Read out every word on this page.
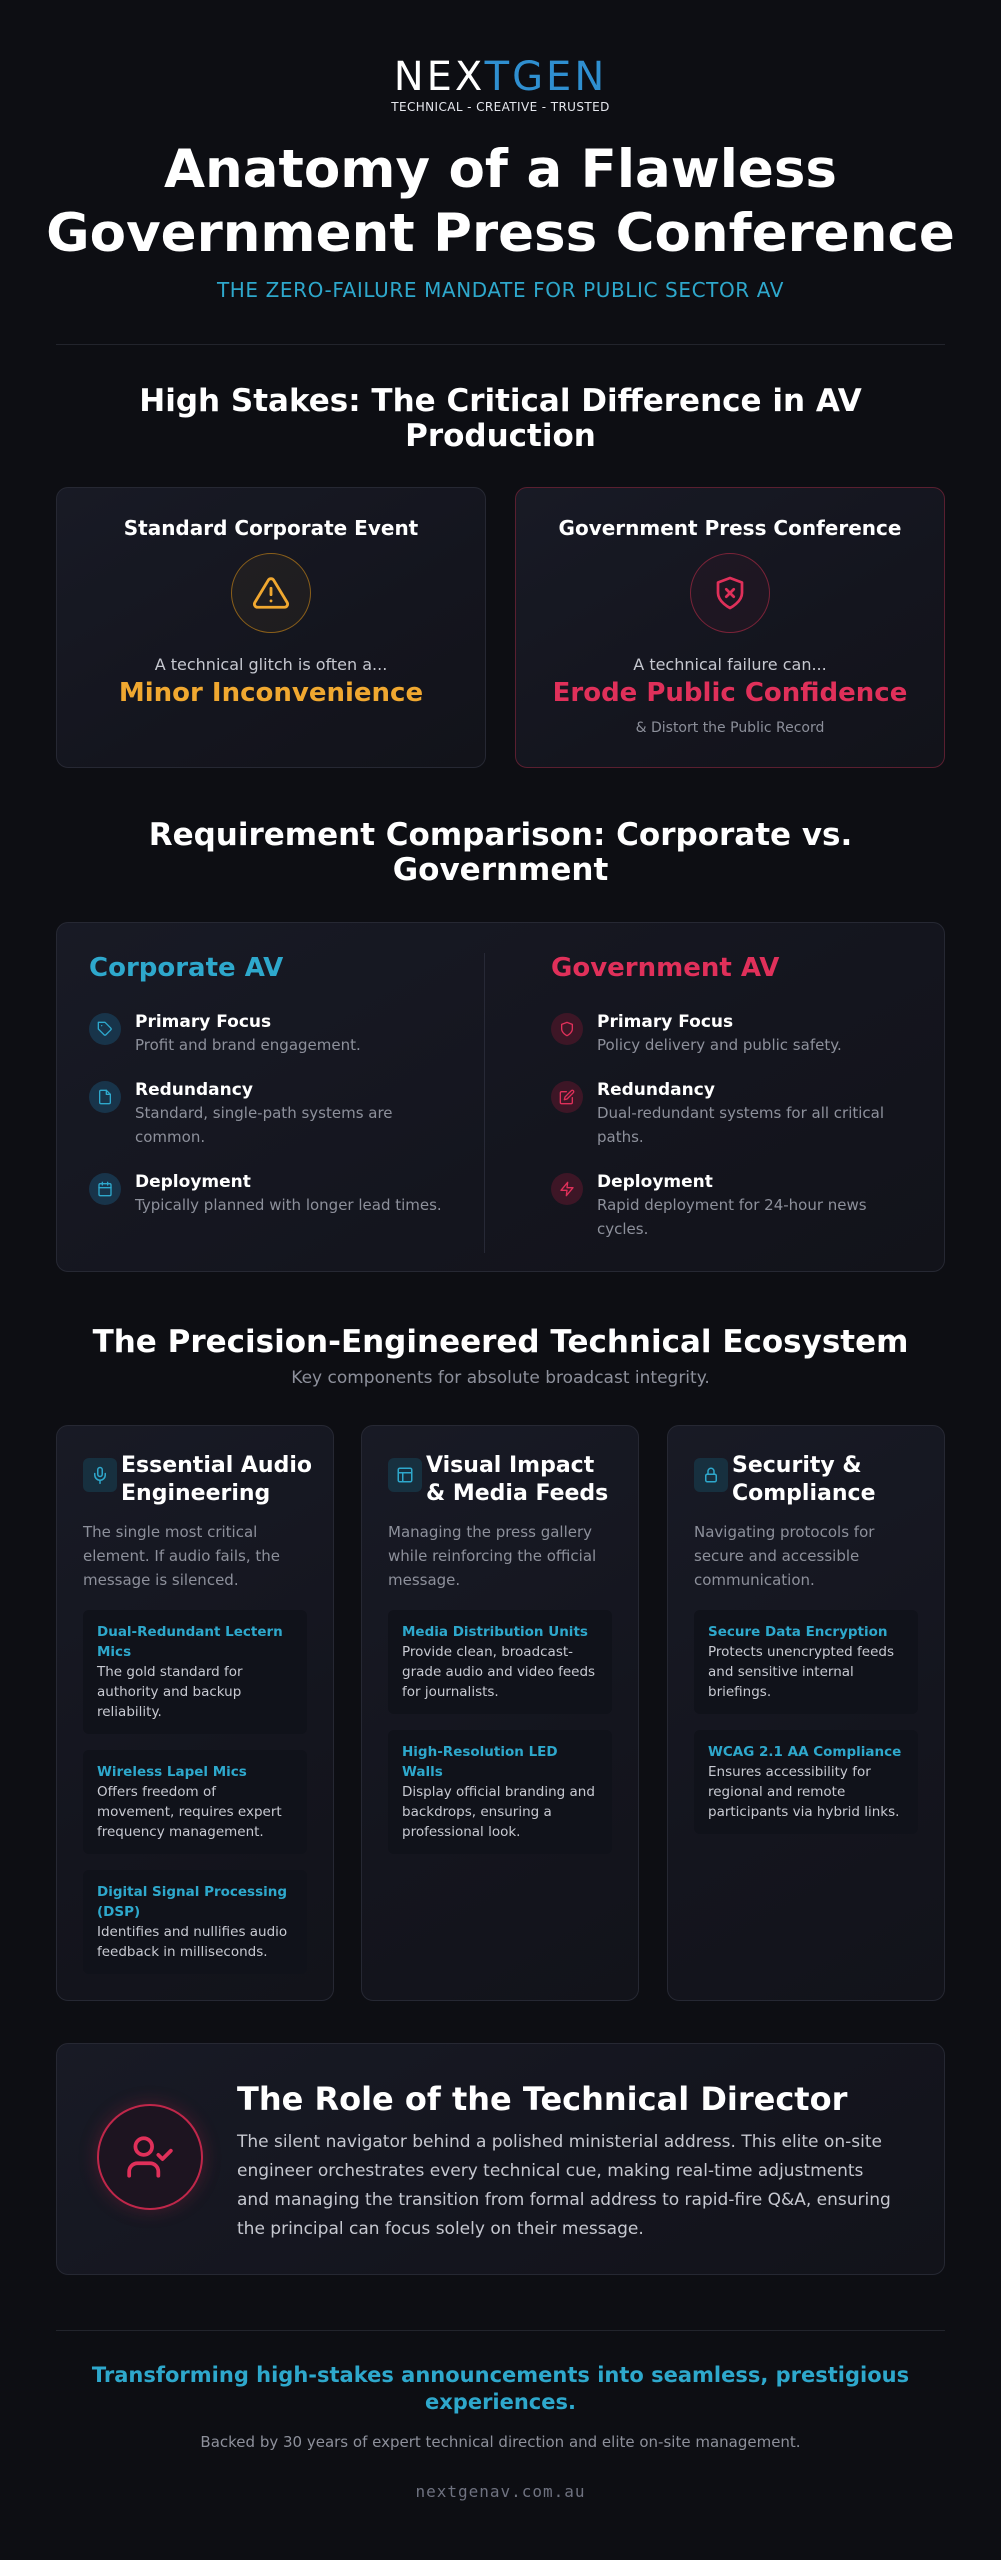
NEXTGEN
TECHNICAL - CREATIVE - TRUSTED
Anatomy of a Flawless
Government Press Conference
THE ZERO-FAILURE MANDATE FOR PUBLIC SECTOR AV
High Stakes: The Critical Difference in AV
Production
Standard Corporate Event
A technical glitch is often a...
Minor Inconvenience
Government Press Conference
A technical failure can...
Erode Public Confidence
& Distort the Public Record
Requirement Comparison: Corporate vs.
Government
Corporate AV
Primary Focus
Profit and brand engagement.
Redundancy
Standard, single-path systems are common.
Deployment
Typically planned with longer lead times.
Government AV
Primary Focus
Policy delivery and public safety.
Redundancy
Dual-redundant systems for all critical paths.
Deployment
Rapid deployment for 24-hour news cycles.
The Precision-Engineered Technical Ecosystem
Key components for absolute broadcast integrity.
Essential Audio Engineering
The single most critical element. If audio fails, the message is silenced.
Dual-Redundant Lectern Mics
The gold standard for authority and backup reliability.
Wireless Lapel Mics
Offers freedom of movement, requires expert frequency management.
Digital Signal Processing (DSP)
Identifies and nullifies audio feedback in milliseconds.
Visual Impact & Media Feeds
Managing the press gallery while reinforcing the official message.
Media Distribution Units
Provide clean, broadcast-grade audio and video feeds for journalists.
High-Resolution LED Walls
Display official branding and backdrops, ensuring a professional look.
Security & Compliance
Navigating protocols for secure and accessible communication.
Secure Data Encryption
Protects unencrypted feeds and sensitive internal briefings.
WCAG 2.1 AA Compliance
Ensures accessibility for regional and remote participants via hybrid links.
The Role of the Technical Director
The silent navigator behind a polished ministerial address. This elite on-site engineer orchestrates every technical cue, making real-time adjustments and managing the transition from formal address to rapid-fire Q&A, ensuring the principal can focus solely on their message.
Transforming high-stakes announcements into seamless, prestigious experiences.
Backed by 30 years of expert technical direction and elite on-site management.
nextgenav.com.au
